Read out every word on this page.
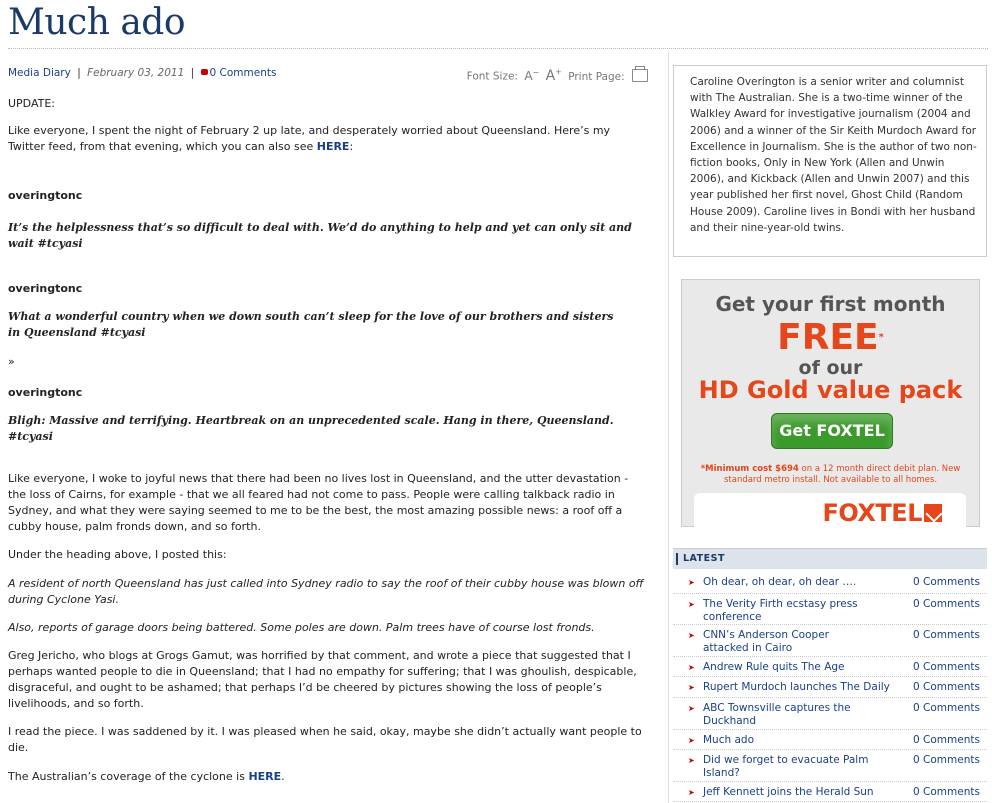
Much ado
Media Diary | February 03, 2011 | 0 Comments	Font Size: A− A+ Print Page:

UPDATE:

Like everyone, I spent the night of February 2 up late, and desperately worried about Queensland. Here’s my Twitter feed, from that evening, which you can also see HERE:

overingtonc

It’s the helplessness that’s so difficult to deal with. We’d do anything to help and yet can only sit and wait #tcyasi

overingtonc

What a wonderful country when we down south can’t sleep for the love of our brothers and sisters in Queensland #tcyasi

»

overingtonc

Bligh: Massive and terrifying. Heartbreak on an unprecedented scale. Hang in there, Queensland. #tcyasi

Like everyone, I woke to joyful news that there had been no lives lost in Queensland, and the utter devastation - the loss of Cairns, for example - that we all feared had not come to pass. People were calling talkback radio in Sydney, and what they were saying seemed to me to be the best, the most amazing possible news: a roof off a cubby house, palm fronds down, and so forth.

Under the heading above, I posted this:

A resident of north Queensland has just called into Sydney radio to say the roof of their cubby house was blown off during Cyclone Yasi.

Also, reports of garage doors being battered. Some poles are down. Palm trees have of course lost fronds.

Greg Jericho, who blogs at Grogs Gamut, was horrified by that comment, and wrote a piece that suggested that I perhaps wanted people to die in Queensland; that I had no empathy for suffering; that I was ghoulish, despicable, disgraceful, and ought to be ashamed; that perhaps I’d be cheered by pictures showing the loss of people’s livelihoods, and so forth.

I read the piece. I was saddened by it. I was pleased when he said, okay, maybe she didn’t actually want people to die.

The Australian’s coverage of the cyclone is HERE.

Caroline Overington is a senior writer and columnist with The Australian. She is a two-time winner of the Walkley Award for investigative journalism (2004 and 2006) and a winner of the Sir Keith Murdoch Award for Excellence in Journalism. She is the author of two non-fiction books, Only in New York (Allen and Unwin 2006), and Kickback (Allen and Unwin 2007) and this year published her first novel, Ghost Child (Random House 2009). Caroline lives in Bondi with her husband and their nine-year-old twins.

Get your first month
FREE*
of our
HD Gold value pack
Get FOXTEL
*Minimum cost $694 on a 12 month direct debit plan. New standard metro install. Not available to all homes.
FOXTEL
LATEST
➤ Oh dear, oh dear, oh dear ….	0 Comments
➤ The Verity Firth ecstasy press conference
0 Comments
➤ CNN’s Anderson Cooper attacked in Cairo
0 Comments
➤ Andrew Rule quits The Age	0 Comments
➤ Rupert Murdoch launches The Daily	0 Comments
➤ ABC Townsville captures the Duckhand
0 Comments
➤ Much ado	0 Comments
➤ Did we forget to evacuate Palm Island?
0 Comments
➤ Jeff Kennett joins the Herald Sun	0 Comments
